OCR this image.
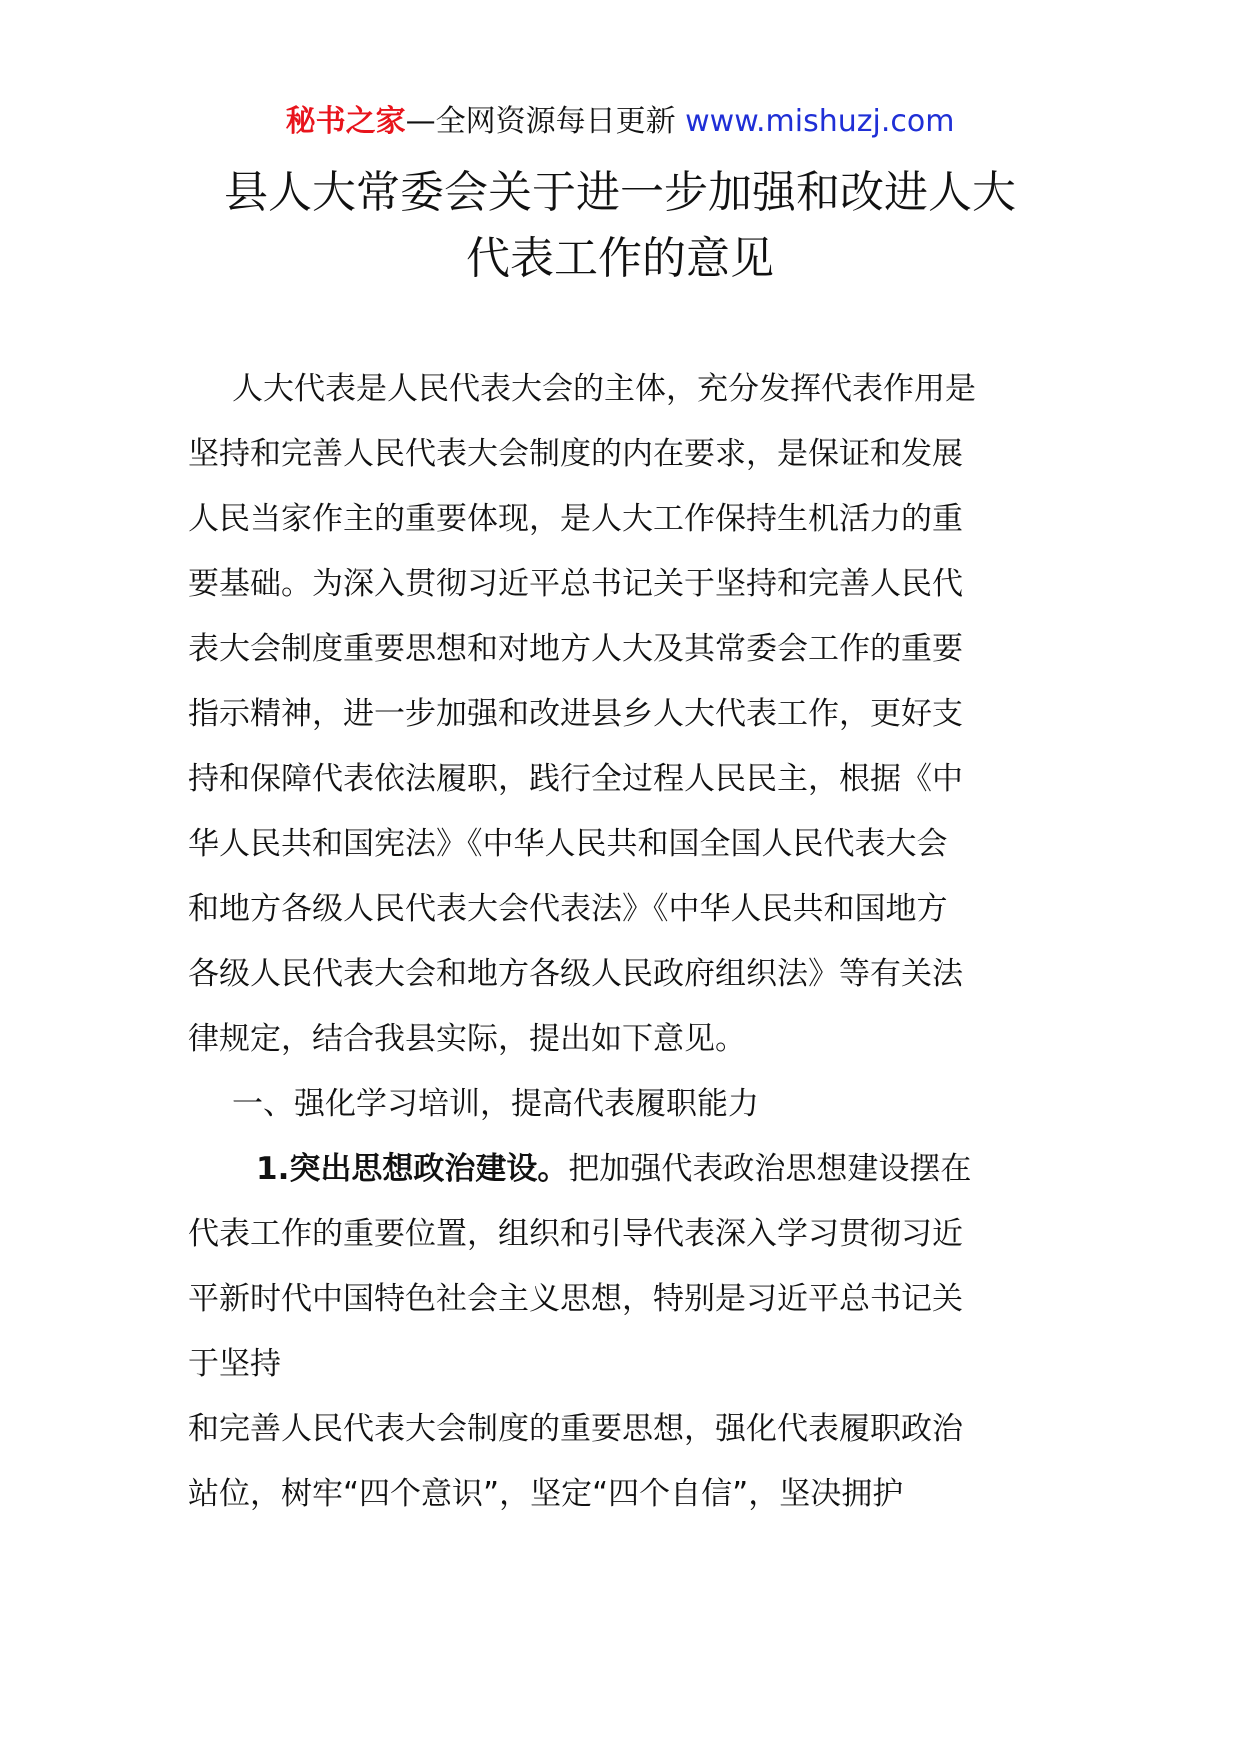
秘书之家—全网资源每日更新 www.mishuzj.com
县人大常委会关于进一步加强和改进人大
代表工作的意见

人大代表是人民代表大会的主体，充分发挥代表作用是

坚持和完善人民代表大会制度的内在要求，是保证和发展

人民当家作主的重要体现，是人大工作保持生机活力的重

要基础。为深入贯彻习近平总书记关于坚持和完善人民代

表大会制度重要思想和对地方人大及其常委会工作的重要

指示精神，进一步加强和改进县乡人大代表工作，更好支

持和保障代表依法履职，践行全过程人民民主，根据《中

华人民共和国宪法》《中华人民共和国全国人民代表大会

和地方各级人民代表大会代表法》《中华人民共和国地方

各级人民代表大会和地方各级人民政府组织法》等有关法

律规定，结合我县实际，提出如下意见。

一、强化学习培训，提高代表履职能力

1.突出思想政治建设。把加强代表政治思想建设摆在

代表工作的重要位置，组织和引导代表深入学习贯彻习近

平新时代中国特色社会主义思想，特别是习近平总书记关

于坚持

和完善人民代表大会制度的重要思想，强化代表履职政治

站位，树牢“四个意识”，坚定“四个自信”，坚决拥护
